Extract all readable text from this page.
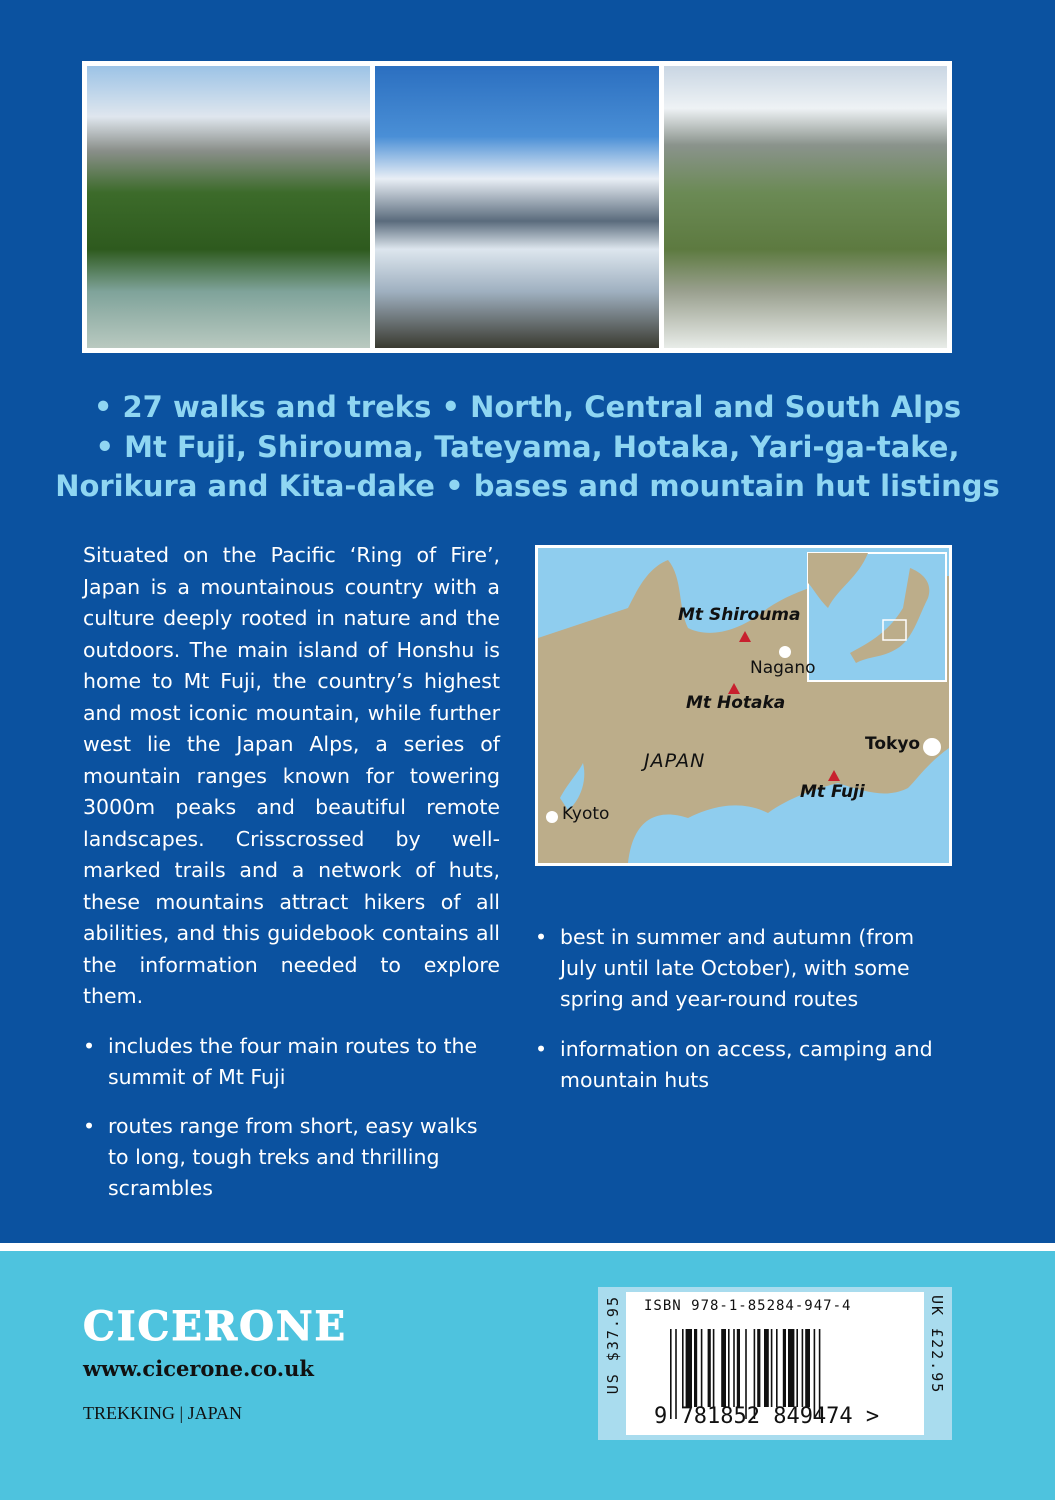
• 27 walks and treks • North, Central and South Alps
• Mt Fuji, Shirouma, Tateyama, Hotaka, Yari-ga-take,
Norikura and Kita-dake • bases and mountain hut listings

Situated on the Pacific ‘Ring of Fire’, Japan is a mountainous country with a culture deeply rooted in nature and the outdoors. The main island of Honshu is home to Mt Fuji, the country’s highest and most iconic mountain, while further west lie the Japan Alps, a series of mountain ranges known for towering 3000m peaks and beautiful remote landscapes. Crisscrossed by well-marked trails and a network of huts, these mountains attract hikers of all abilities, and this guidebook contains all the information needed to explore them.

• includes the four main routes to the summit of Mt Fuji
• routes range from short, easy walks to long, tough treks and thrilling scrambles
• best in summer and autumn (from July until late October), with some spring and year-round routes
• information on access, camping and mountain huts
Mt Shirouma
Mt Hotaka
Mt Fuji
Nagano
Tokyo
Kyoto
JAPAN
CICERONE
www.cicerone.co.uk
TREKKING | JAPAN
US $37.95 ISBN 978-1-85284-947-4
9 781852 849474 >
UK £22.95
